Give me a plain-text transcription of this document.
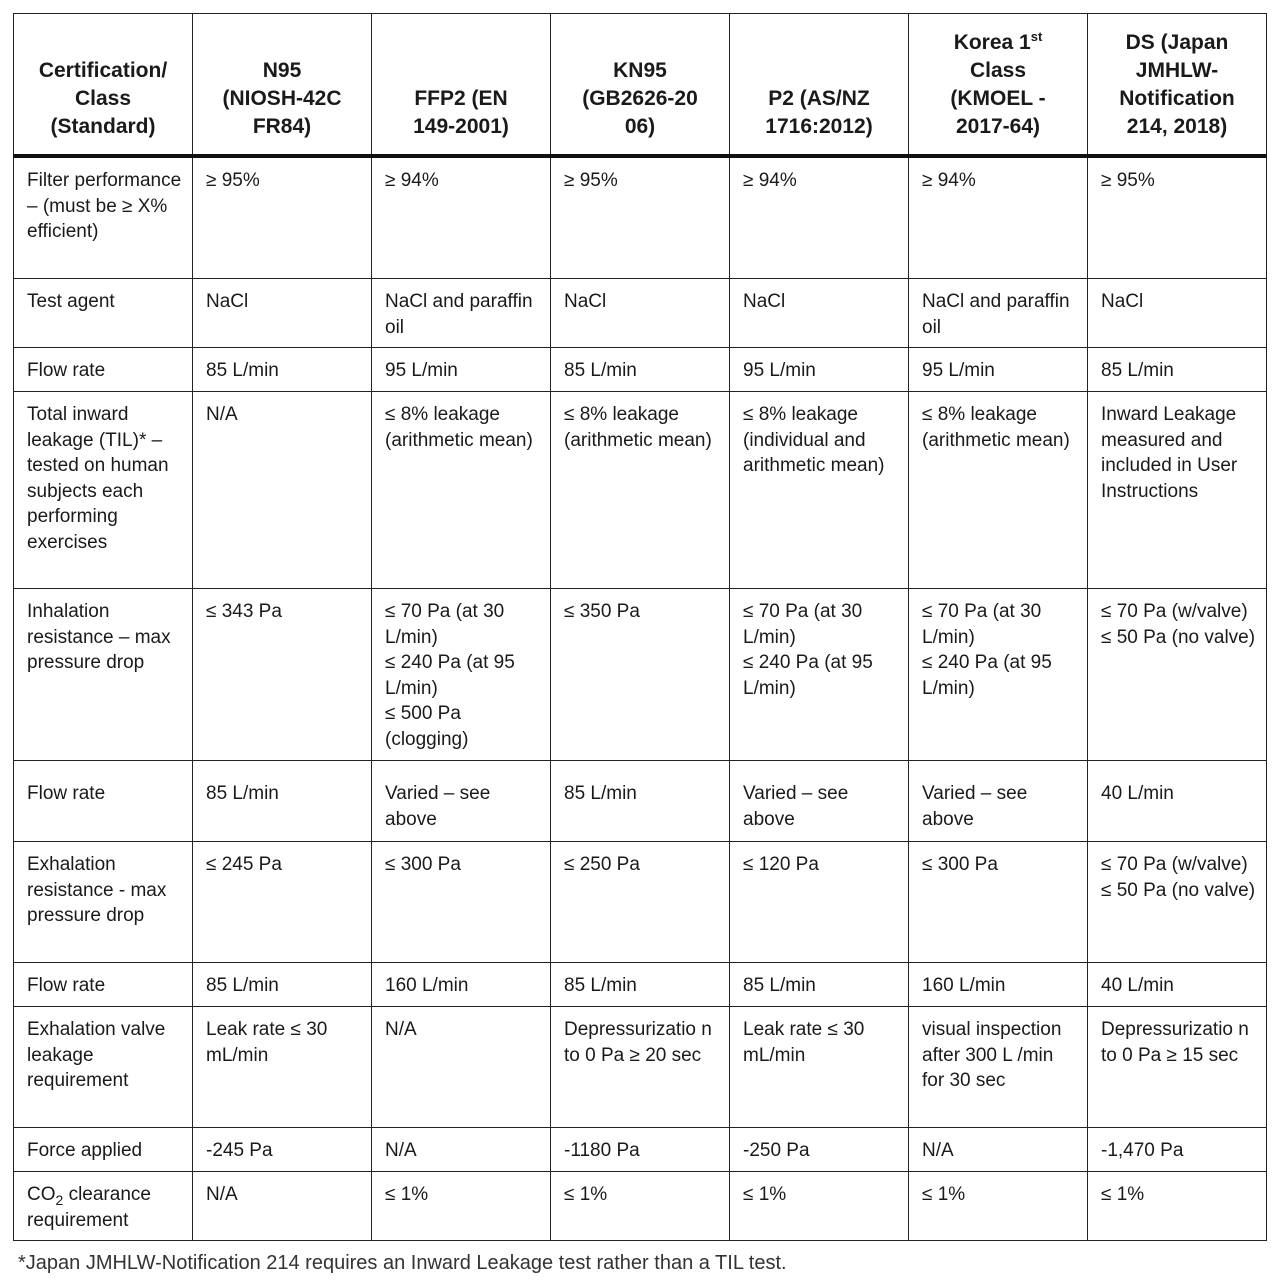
Certification/
Class
(Standard)	N95
(NIOSH-42C
FR84)	FFP2 (EN
149-2001)	KN95
(GB2626-20
06)	P2 (AS/NZ
1716:2012)	Korea 1st
Class
(KMOEL -
2017-64)	DS (Japan
JMHLW-
Notification
214, 2018)
Filter performance – (must be ≥ X% efficient)	≥ 95%	≥ 94%	≥ 95%	≥ 94%	≥ 94%	≥ 95%
Test agent	NaCl	NaCl and paraffin oil	NaCl	NaCl	NaCl and paraffin oil	NaCl
Flow rate	85 L/min	95 L/min	85 L/min	95 L/min	95 L/min	85 L/min
Total inward leakage (TIL)* – tested on human subjects each performing exercises	N/A	≤ 8% leakage (arithmetic mean)	≤ 8% leakage (arithmetic mean)	≤ 8% leakage (individual and arithmetic mean)	≤ 8% leakage (arithmetic mean)	Inward Leakage measured and included in User Instructions
Inhalation resistance – max pressure drop	≤ 343 Pa	≤ 70 Pa (at 30 L/min)
≤ 240 Pa (at 95 L/min)
≤ 500 Pa (clogging)	≤ 350 Pa	≤ 70 Pa (at 30 L/min)
≤ 240 Pa (at 95 L/min)	≤ 70 Pa (at 30 L/min)
≤ 240 Pa (at 95 L/min)	≤ 70 Pa (w/valve)
≤ 50 Pa (no valve)
Flow rate	85 L/min	Varied – see above	85 L/min	Varied – see above	Varied – see above	40 L/min
Exhalation resistance - max pressure drop	≤ 245 Pa	≤ 300 Pa	≤ 250 Pa	≤ 120 Pa	≤ 300 Pa	≤ 70 Pa (w/valve)
≤ 50 Pa (no valve)
Flow rate	85 L/min	160 L/min	85 L/min	85 L/min	160 L/min	40 L/min
Exhalation valve leakage requirement	Leak rate ≤ 30 mL/min	N/A	Depressurizatio n to 0 Pa ≥ 20 sec	Leak rate ≤ 30 mL/min	visual inspection after 300 L /min for 30 sec	Depressurizatio n to 0 Pa ≥ 15 sec
Force applied	-245 Pa	N/A	-1180 Pa	-250 Pa	N/A	-1,470 Pa
$CO_2$ clearance requirement	N/A	≤ 1%	≤ 1%	≤ 1%	≤ 1%	≤ 1%
*Japan JMHLW-Notification 214 requires an Inward Leakage test rather than a TIL test.
